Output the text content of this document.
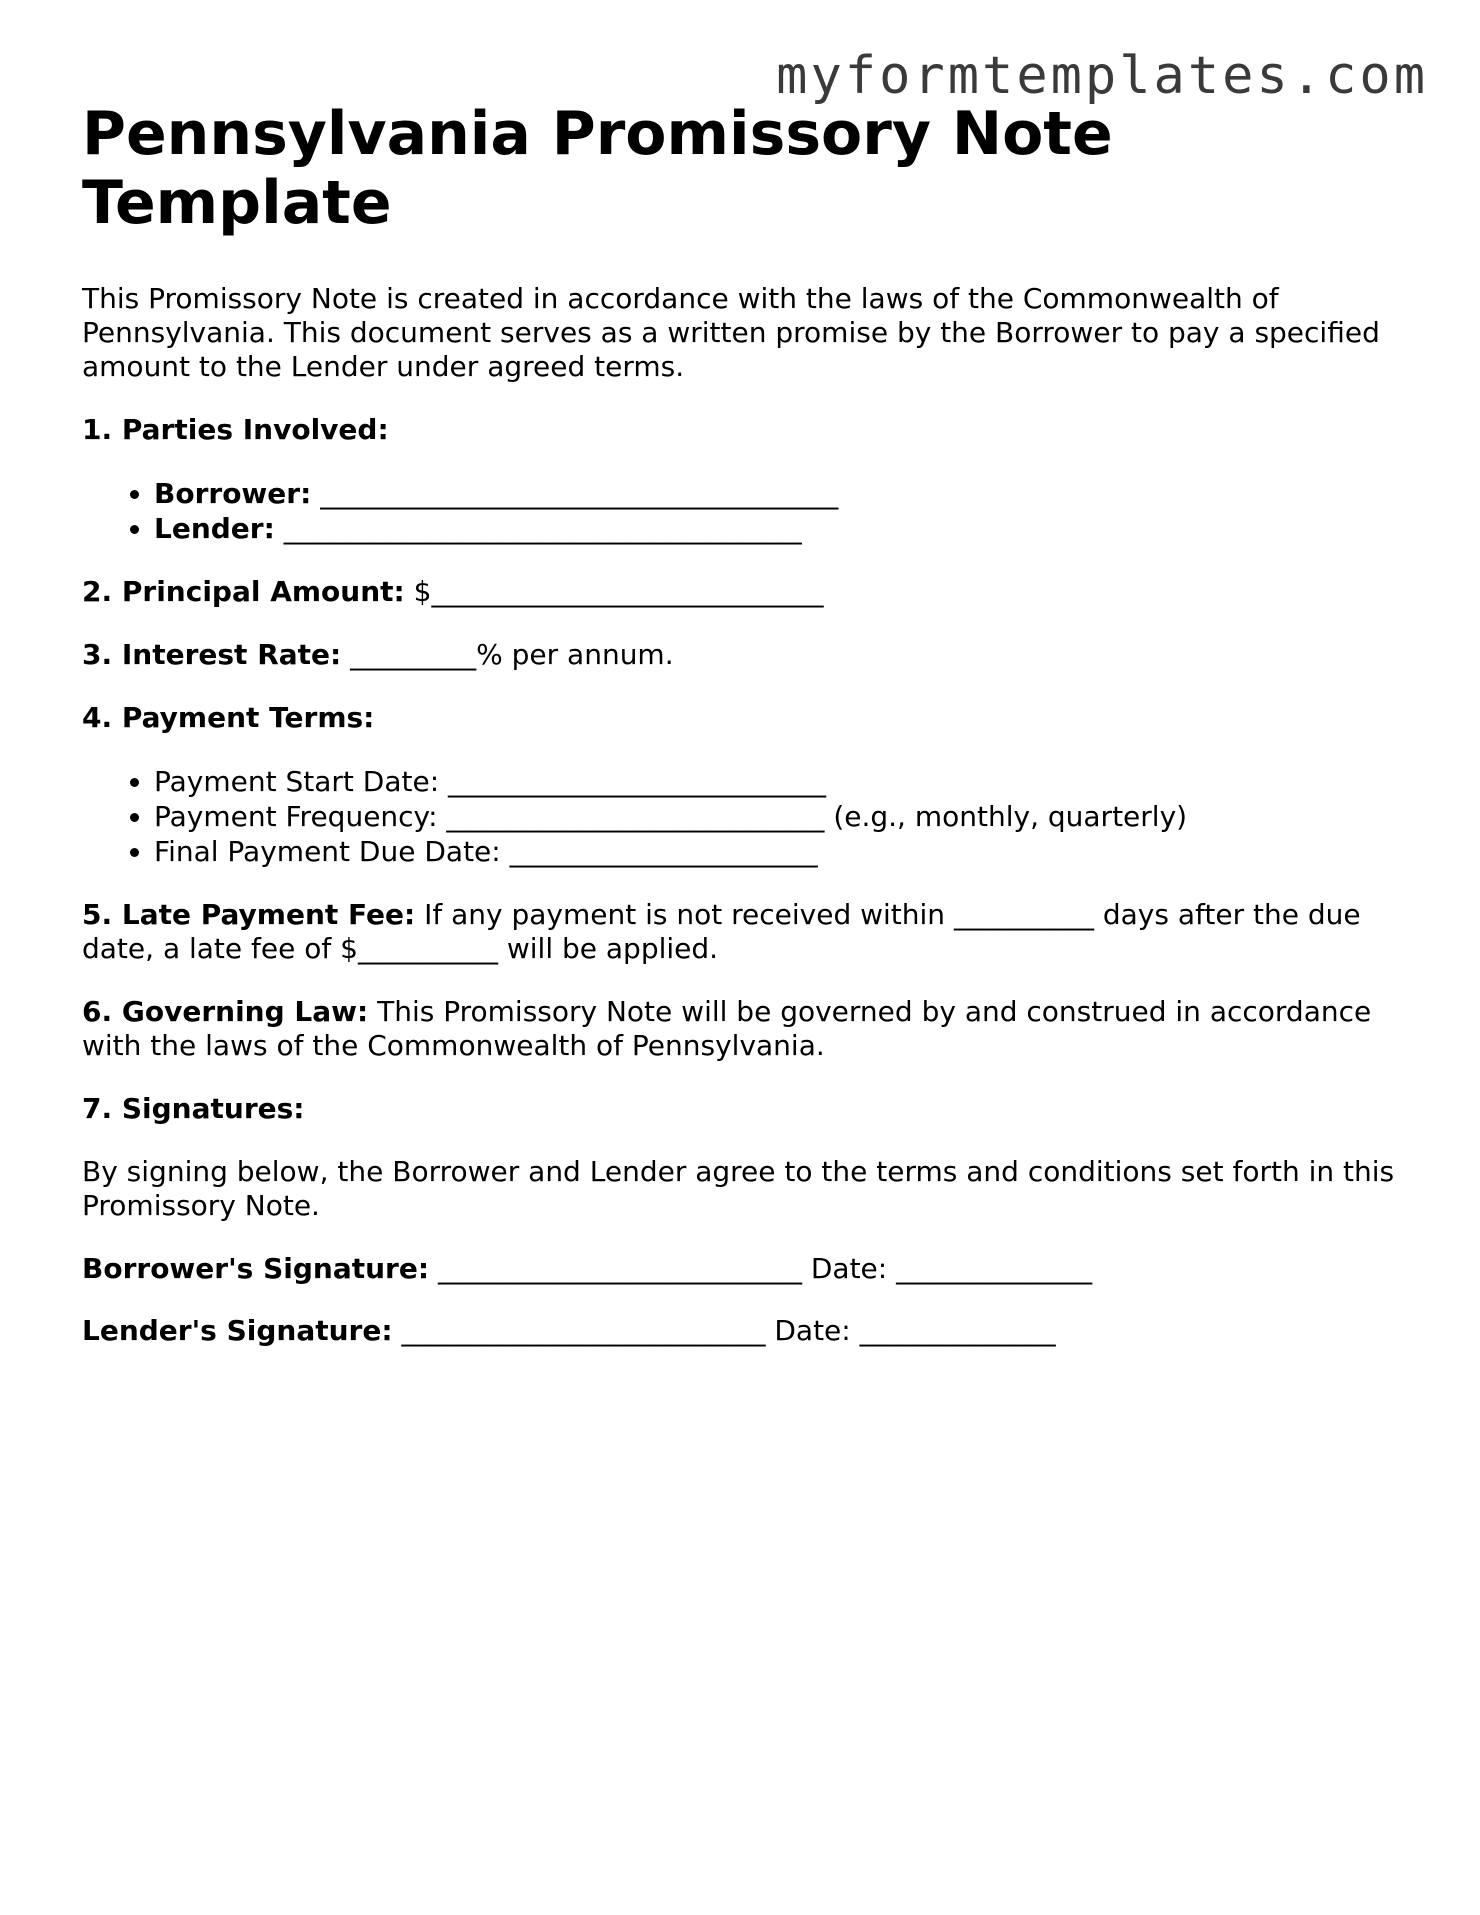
myformtemplates.com
Pennsylvania Promissory Note Template

This Promissory Note is created in accordance with the laws of the Commonwealth of Pennsylvania. This document serves as a written promise by the Borrower to pay a specified amount to the Lender under agreed terms.

1. Parties Involved:

• Borrower: _____________________________________
• Lender: _____________________________________

2. Principal Amount: $____________________________

3. Interest Rate: _________% per annum.

4. Payment Terms:

• Payment Start Date: ___________________________
• Payment Frequency: ___________________________ (e.g., monthly, quarterly)
• Final Payment Due Date: ______________________

5. Late Payment Fee: If any payment is not received within __________ days after the due date, a late fee of $__________ will be applied.

6. Governing Law: This Promissory Note will be governed by and construed in accordance with the laws of the Commonwealth of Pennsylvania.

7. Signatures:

By signing below, the Borrower and Lender agree to the terms and conditions set forth in this Promissory Note.

Borrower's Signature: __________________________ Date: ______________

Lender's Signature: __________________________ Date: ______________
